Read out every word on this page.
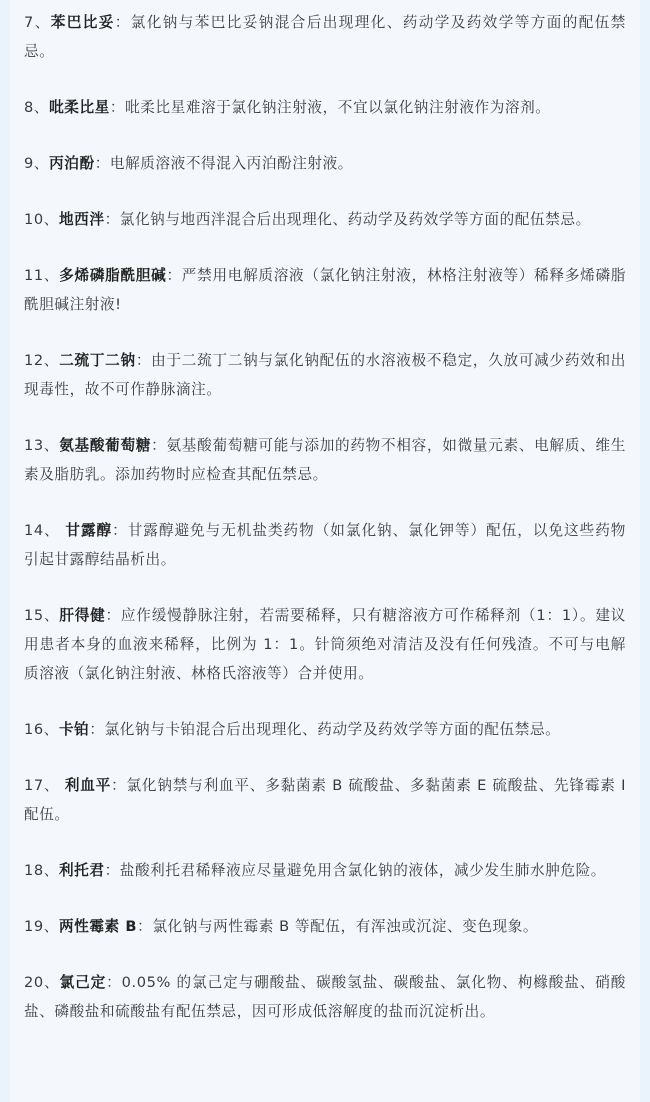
7、苯巴比妥：氯化钠与苯巴比妥钠混合后出现理化、药动学及药效学等方面的配伍禁忌。

8、吡柔比星：吡柔比星难溶于氯化钠注射液，不宜以氯化钠注射液作为溶剂。

9、丙泊酚：电解质溶液不得混入丙泊酚注射液。

10、地西泮：氯化钠与地西泮混合后出现理化、药动学及药效学等方面的配伍禁忌。

11、多烯磷脂酰胆碱：严禁用电解质溶液（氯化钠注射液，林格注射液等）稀释多烯磷脂酰胆碱注射液!

12、二巯丁二钠：由于二巯丁二钠与氯化钠配伍的水溶液极不稳定，久放可减少药效和出现毒性，故不可作静脉滴注。

13、氨基酸葡萄糖：氨基酸葡萄糖可能与添加的药物不相容，如微量元素、电解质、维生素及脂肪乳。添加药物时应检查其配伍禁忌。

14、 甘露醇：甘露醇避免与无机盐类药物（如氯化钠、氯化钾等）配伍，以免这些药物引起甘露醇结晶析出。

15、肝得健：应作缓慢静脉注射，若需要稀释，只有糖溶液方可作稀释剂（1：1）。建议用患者本身的血液来稀释，比例为 1：1。针筒须绝对清洁及没有任何残渣。不可与电解质溶液（氯化钠注射液、林格氏溶液等）合并使用。

16、卡铂：氯化钠与卡铂混合后出现理化、药动学及药效学等方面的配伍禁忌。

17、 利血平：氯化钠禁与利血平、多黏菌素 B 硫酸盐、多黏菌素 E 硫酸盐、先锋霉素 I 配伍。

18、利托君：盐酸利托君稀释液应尽量避免用含氯化钠的液体，减少发生肺水肿危险。

19、两性霉素 B：氯化钠与两性霉素 B 等配伍，有浑浊或沉淀、变色现象。

20、氯己定：0.05% 的氯己定与硼酸盐、碳酸氢盐、碳酸盐、氯化物、枸橼酸盐、硝酸盐、磷酸盐和硫酸盐有配伍禁忌，因可形成低溶解度的盐而沉淀析出。
